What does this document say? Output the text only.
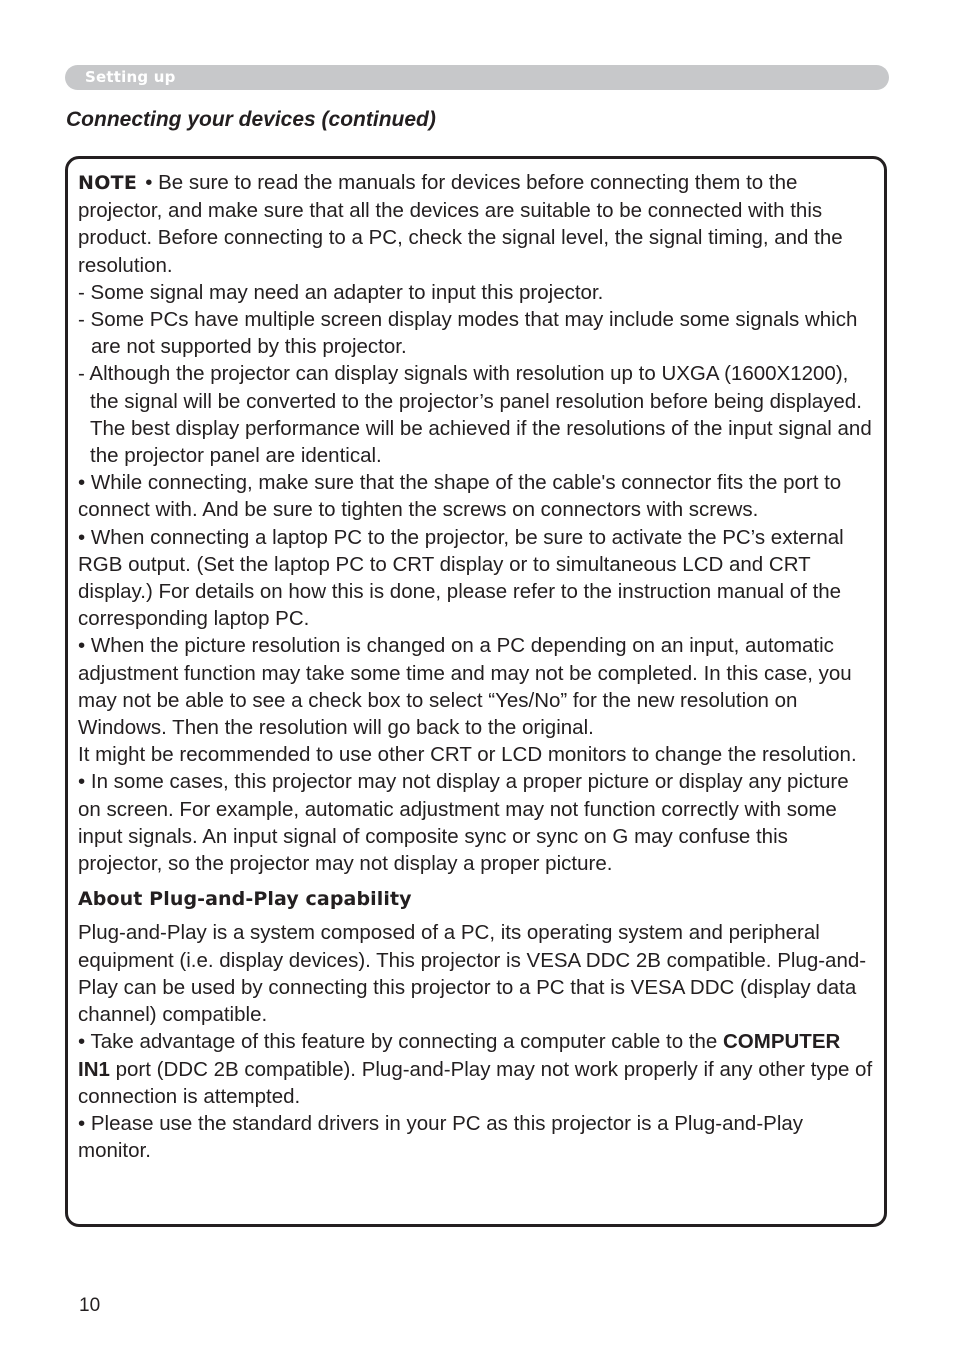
Setting up
Connecting your devices (continued)

NOTE • Be sure to read the manuals for devices before connecting them to the projector, and make sure that all the devices are suitable to be connected with this product. Before connecting to a PC, check the signal level, the signal timing, and the resolution.

- Some signal may need an adapter to input this projector.

- Some PCs have multiple screen display modes that may include some signals which are not supported by this projector.

- Although the projector can display signals with resolution up to UXGA (1600X1200), the signal will be converted to the projector’s panel resolution before being displayed. The best display performance will be achieved if the resolutions of the input signal and the projector panel are identical.

• While connecting, make sure that the shape of the cable's connector fits the port to connect with. And be sure to tighten the screws on connectors with screws.

• When connecting a laptop PC to the projector, be sure to activate the PC’s external RGB output. (Set the laptop PC to CRT display or to simultaneous LCD and CRT display.) For details on how this is done, please refer to the instruction manual of the corresponding laptop PC.

• When the picture resolution is changed on a PC depending on an input, automatic adjustment function may take some time and may not be completed. In this case, you may not be able to see a check box to select “Yes/No” for the new resolution on Windows. Then the resolution will go back to the original.

It might be recommended to use other CRT or LCD monitors to change the resolution.

• In some cases, this projector may not display a proper picture or display any picture on screen. For example, automatic adjustment may not function correctly with some input signals. An input signal of composite sync or sync on G may confuse this projector, so the projector may not display a proper picture.

About Plug-and-Play capability

Plug-and-Play is a system composed of a PC, its operating system and peripheral equipment (i.e. display devices). This projector is VESA DDC 2B compatible. Plug-and-Play can be used by connecting this projector to a PC that is VESA DDC (display data channel) compatible.

• Take advantage of this feature by connecting a computer cable to the COMPUTER IN1 port (DDC 2B compatible). Plug-and-Play may not work properly if any other type of connection is attempted.

• Please use the standard drivers in your PC as this projector is a Plug-and-Play monitor.

10
